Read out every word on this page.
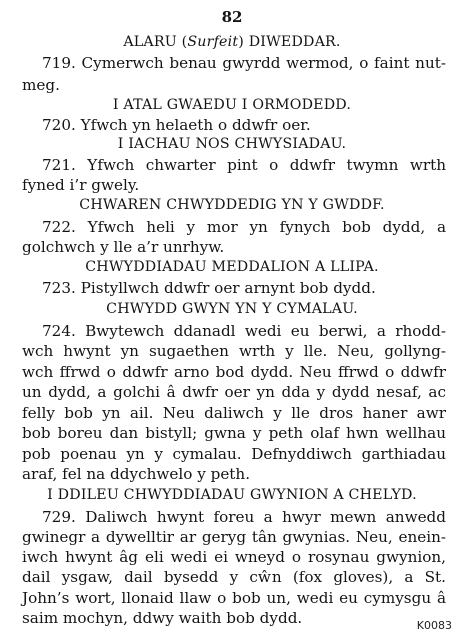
82
ALARU (Surfeit) DIWEDDAR.
719. Cymerwch benau gwyrdd wermod, o faint nut-
meg.
I ATAL GWAEDU I ORMODEDD.
720. Yfwch yn helaeth o ddwfr oer.
I IACHAU NOS CHWYSIADAU.
721. Yfwch chwarter pint o ddwfr twymn wrth
fyned i’r gwely.
CHWAREN CHWYDDEDIG YN Y GWDDF.
722. Yfwch heli y mor yn fynych bob dydd, a
golchwch y lle a’r unrhyw.
CHWYDDIADAU MEDDALION A LLIPA.
723. Pistyllwch ddwfr oer arnynt bob dydd.
CHWYDD GWYN YN Y CYMALAU.
724. Bwytewch ddanadl wedi eu berwi, a rhodd-
wch hwynt yn sugaethen wrth y lle. Neu, gollyng-
wch ffrwd o ddwfr arno bod dydd. Neu ffrwd o ddwfr
un dydd, a golchi â dwfr oer yn dda y dydd nesaf, ac
felly bob yn ail. Neu daliwch y lle dros haner awr
bob boreu dan bistyll; gwna y peth olaf hwn wellhau
pob poenau yn y cymalau. Defnyddiwch garthiadau
araf, fel na ddychwelo y peth.
I DDILEU CHWYDDIADAU GWYNION A CHELYD.
729. Daliwch hwynt foreu a hwyr mewn anwedd
gwinegr a dywelltir ar geryg tân gwynias. Neu, enein-
iwch hwynt âg eli wedi ei wneyd o rosynau gwynion,
dail ysgaw, dail bysedd y cŵn (fox gloves), a St.
John’s wort, llonaid llaw o bob un, wedi eu cymysgu â
saim mochyn, ddwy waith bob dydd.	K0083
